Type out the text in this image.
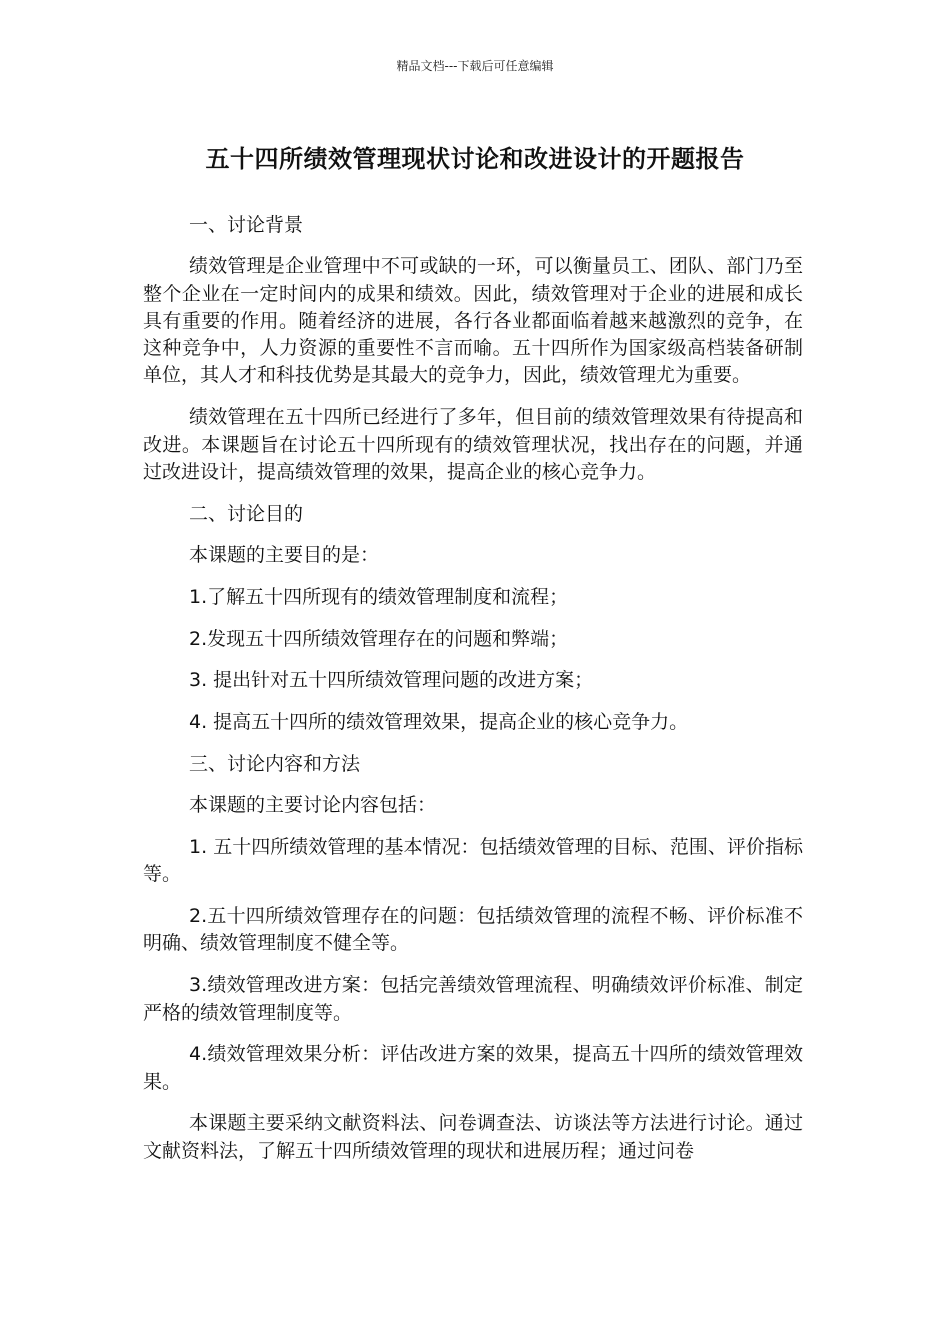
精品文档---下载后可任意编辑
五十四所绩效管理现状讨论和改进设计的开题报告

一、讨论背景

绩效管理是企业管理中不可或缺的一环，可以衡量员工、团队、部门乃至整个企业在一定时间内的成果和绩效。因此，绩效管理对于企业的进展和成长具有重要的作用。随着经济的进展，各行各业都面临着越来越激烈的竞争，在这种竞争中，人力资源的重要性不言而喻。五十四所作为国家级高档装备研制单位，其人才和科技优势是其最大的竞争力，因此，绩效管理尤为重要。

绩效管理在五十四所已经进行了多年，但目前的绩效管理效果有待提高和改进。本课题旨在讨论五十四所现有的绩效管理状况，找出存在的问题，并通过改进设计，提高绩效管理的效果，提高企业的核心竞争力。

二、讨论目的

本课题的主要目的是：

1.了解五十四所现有的绩效管理制度和流程；

2.发现五十四所绩效管理存在的问题和弊端；

3. 提出针对五十四所绩效管理问题的改进方案；

4. 提高五十四所的绩效管理效果，提高企业的核心竞争力。

三、讨论内容和方法

本课题的主要讨论内容包括：

1. 五十四所绩效管理的基本情况：包括绩效管理的目标、范围、评价指标等。

2.五十四所绩效管理存在的问题：包括绩效管理的流程不畅、评价标准不明确、绩效管理制度不健全等。

3.绩效管理改进方案：包括完善绩效管理流程、明确绩效评价标准、制定严格的绩效管理制度等。

4.绩效管理效果分析：评估改进方案的效果，提高五十四所的绩效管理效果。

本课题主要采纳文献资料法、问卷调查法、访谈法等方法进行讨论。通过文献资料法，了解五十四所绩效管理的现状和进展历程；通过问卷
